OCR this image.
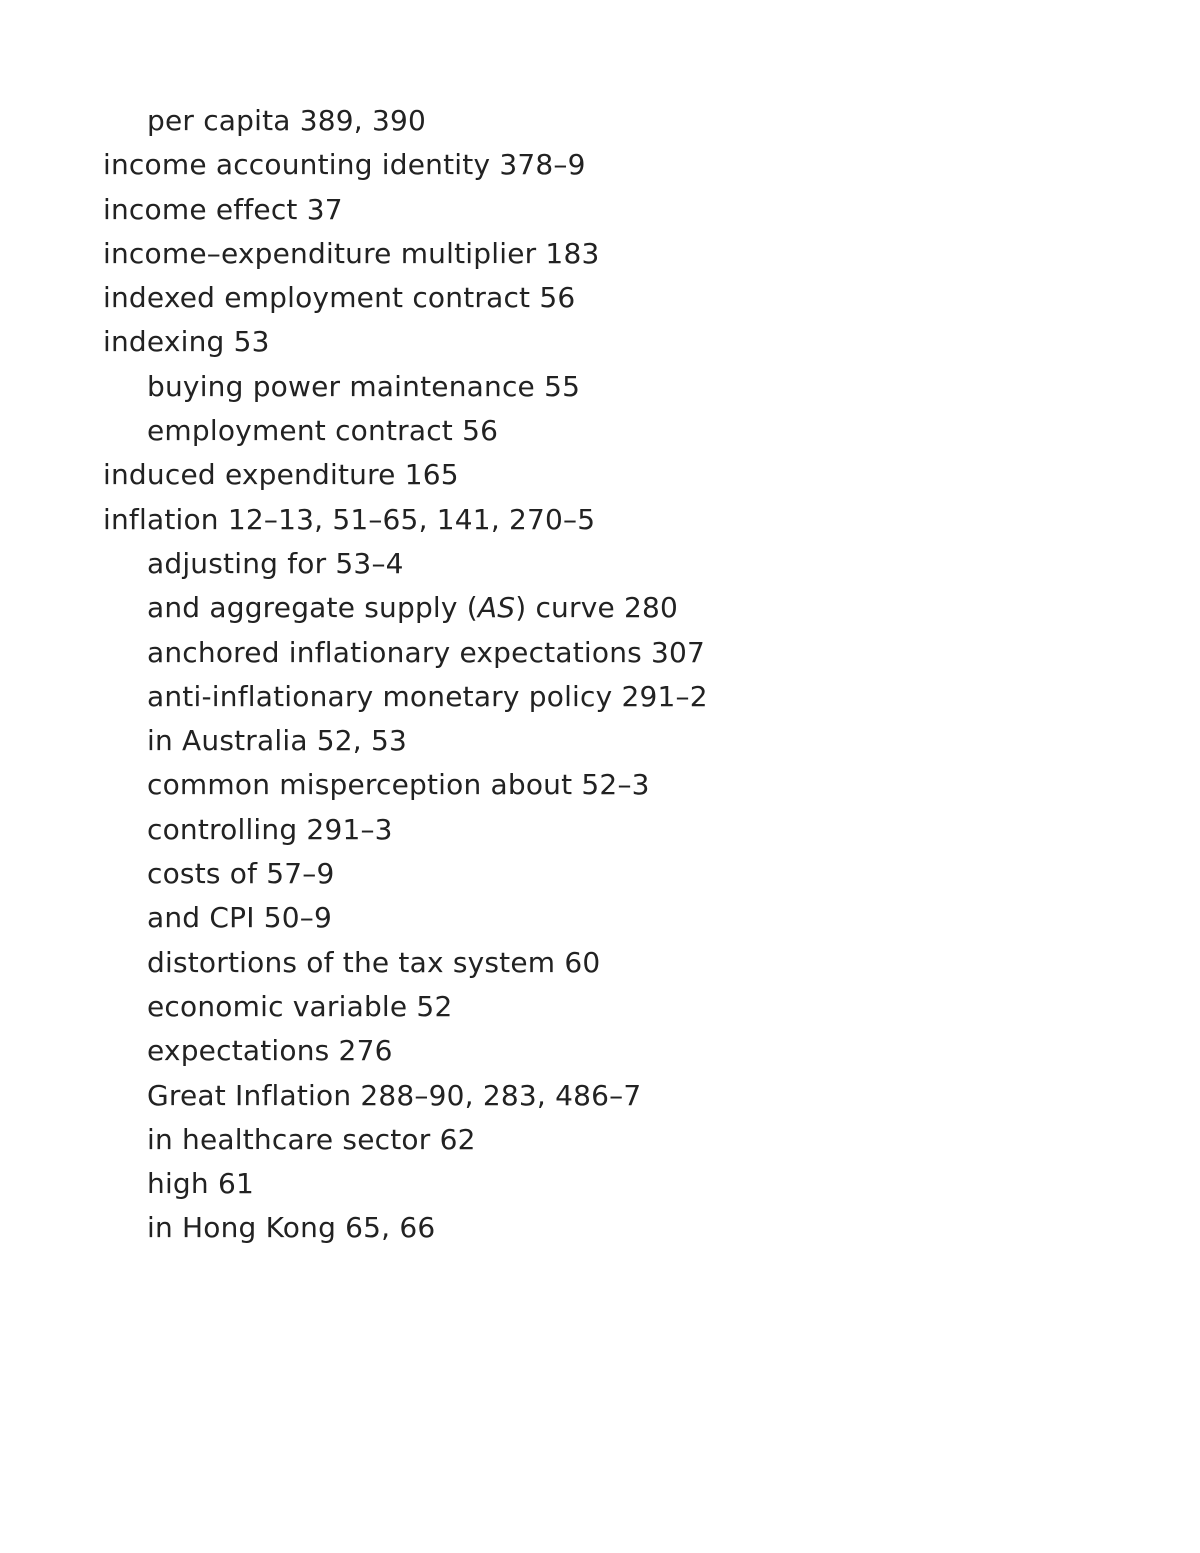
per capita 389, 390
income accounting identity 378–9
income effect 37
income–expenditure multiplier 183
indexed employment contract 56
indexing 53
buying power maintenance 55
employment contract 56
induced expenditure 165
inflation 12–13, 51–65, 141, 270–5
adjusting for 53–4
and aggregate supply (AS) curve 280
anchored inflationary expectations 307
anti-inflationary monetary policy 291–2
in Australia 52, 53
common misperception about 52–3
controlling 291–3
costs of 57–9
and CPI 50–9
distortions of the tax system 60
economic variable 52
expectations 276
Great Inflation 288–90, 283, 486–7
in healthcare sector 62
high 61
in Hong Kong 65, 66
